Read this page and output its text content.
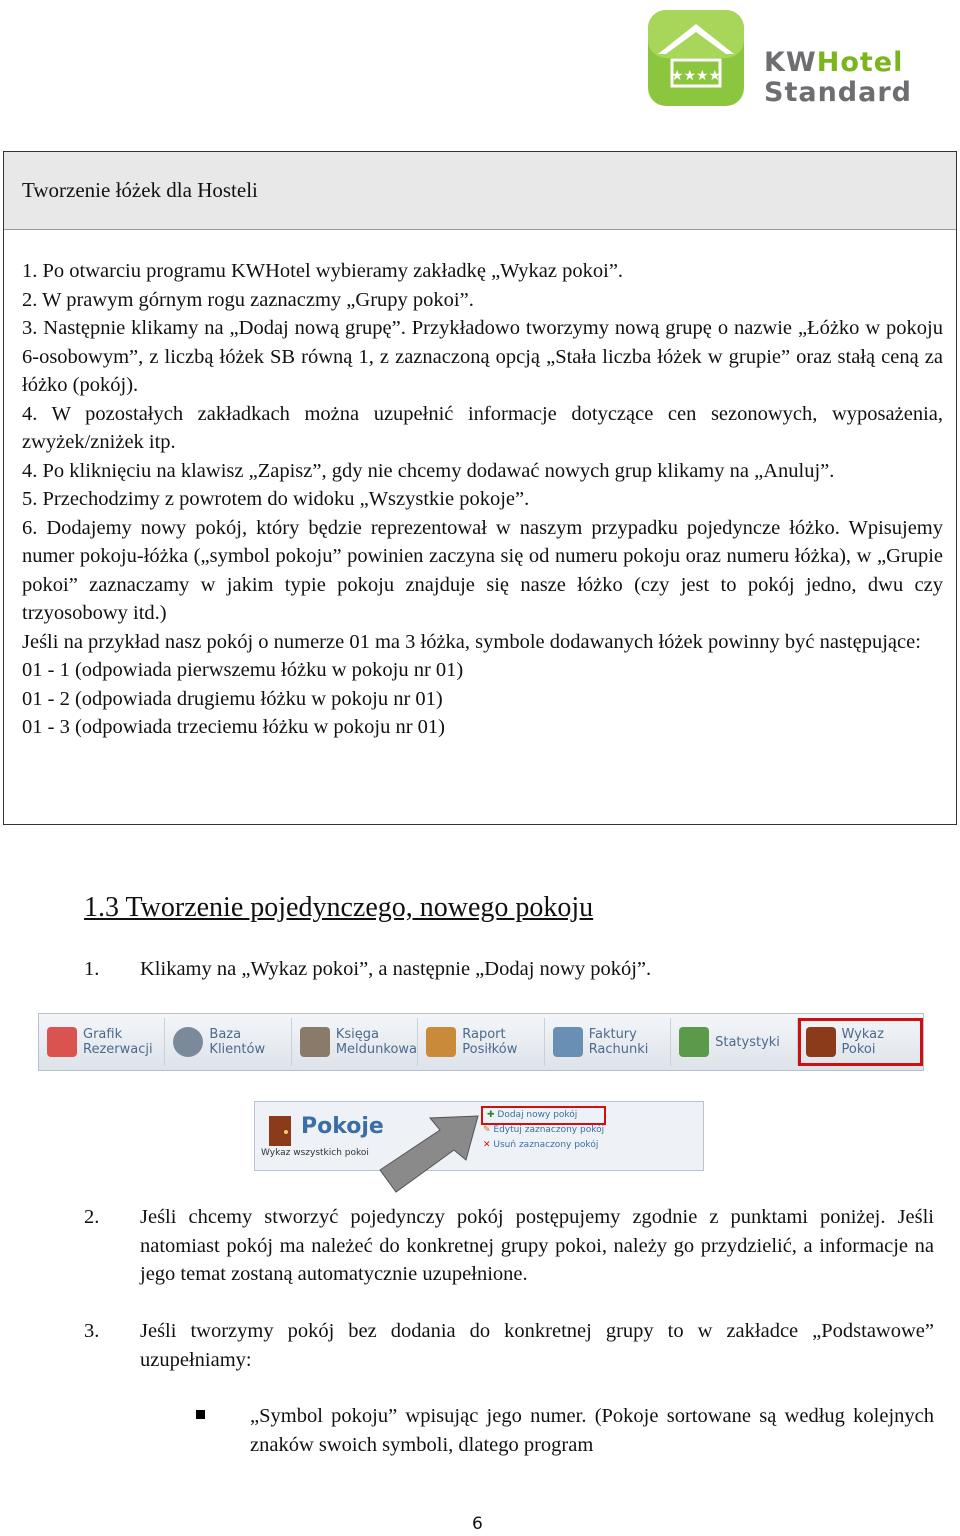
★★★★ KWHotel
Standard
Tworzenie łóżek dla Hosteli

1. Po otwarciu programu KWHotel wybieramy zakładkę „Wykaz pokoi”.

2. W prawym górnym rogu zaznaczmy „Grupy pokoi”.

3. Następnie klikamy na „Dodaj nową grupę”. Przykładowo tworzymy nową grupę o nazwie „Łóżko w pokoju 6-osobowym”, z liczbą łóżek SB równą 1, z zaznaczoną opcją „Stała liczba łóżek w grupie” oraz stałą ceną za łóżko (pokój).

4. W pozostałych zakładkach można uzupełnić informacje dotyczące cen sezonowych, wyposażenia, zwyżek/zniżek itp.

4. Po kliknięciu na klawisz „Zapisz”, gdy nie chcemy dodawać nowych grup klikamy na „Anuluj”.

5. Przechodzimy z powrotem do widoku „Wszystkie pokoje”.

6. Dodajemy nowy pokój, który będzie reprezentował w naszym przypadku pojedyncze łóżko. Wpisujemy numer pokoju-łóżka („symbol pokoju” powinien zaczyna się od numeru pokoju oraz numeru łóżka), w „Grupie pokoi” zaznaczamy w jakim typie pokoju znajduje się nasze łóżko (czy jest to pokój jedno, dwu czy trzyosobowy itd.)

Jeśli na przykład nasz pokój o numerze 01 ma 3 łóżka, symbole dodawanych łóżek powinny być następujące:

01 - 1 (odpowiada pierwszemu łóżku w pokoju nr 01)

01 - 2 (odpowiada drugiemu łóżku w pokoju nr 01)

01 - 3 (odpowiada trzeciemu łóżku w pokoju nr 01)

1.3 Tworzenie pojedynczego, nowego pokoju
1. Klikamy na „Wykaz pokoi”, a następnie „Dodaj nowy pokój”.
Grafik
Rezerwacji
Baza
Klientów
Księga
Meldunkowa
Raport
Posiłków
Faktury
Rachunki	Statystyki	Wykaz
Pokoi
Pokoje
Wykaz wszystkich pokoi
✚ Dodaj nowy pokój
✎ Edytuj zaznaczony pokój
✕ Usuń zaznaczony pokój
2. Jeśli chcemy stworzyć pojedynczy pokój postępujemy zgodnie z punktami poniżej. Jeśli natomiast pokój ma należeć do konkretnej grupy pokoi, należy go przydzielić, a informacje na jego temat zostaną automatycznie uzupełnione.
3. Jeśli tworzymy pokój bez dodania do konkretnej grupy to w zakładce „Podstawowe” uzupełniamy:
„Symbol pokoju” wpisując jego numer. (Pokoje sortowane są według kolejnych znaków swoich symboli, dlatego program
6
